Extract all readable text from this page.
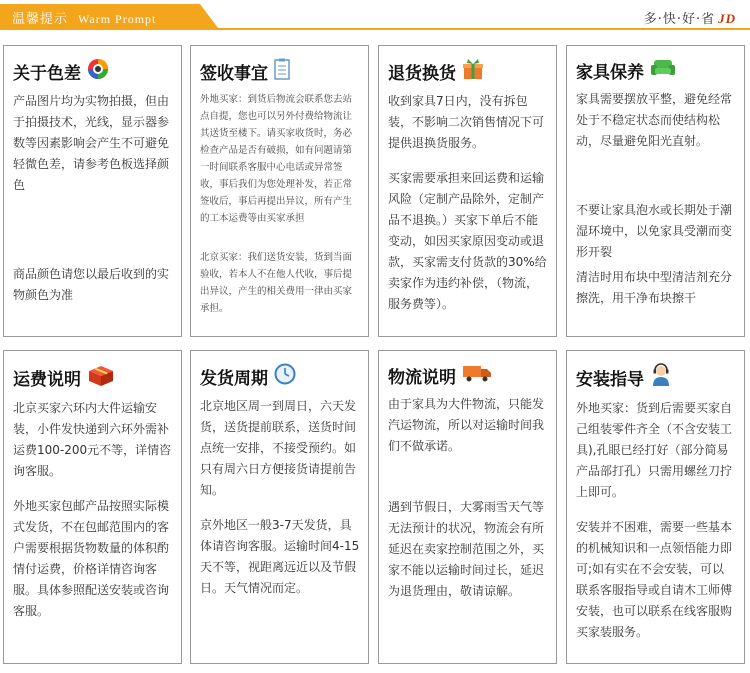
温馨提示 Warm Prompt	多·快·好·省 JD
关于色差

产品图片均为实物拍摄，但由于拍摄技术，光线，显示器参数等因素影响会产生不可避免轻微色差，请参考色板选择颜色

商品颜色请您以最后收到的实物颜色为准

签收事宜

外地买家：到货后物流会联系您去站点自提，您也可以另外付费给物流让其送货至楼下。请买家收货时，务必检查产品是否有破损，如有问题请第一时间联系客服中心电话或异常签收，事后我们为您处理补发，若正常签收后，事后再提出异议，所有产生的工本运费等由买家承担

北京买家：我们送货安装，货到当面验收，若本人不在他人代收，事后提出异议，产生的相关费用一律由买家承担。

退货换货

收到家具7日内，没有拆包装，不影响二次销售情况下可提供退换货服务。

买家需要承担来回运费和运输风险（定制产品除外，定制产品不退换。）买家下单后不能变动，如因买家原因变动或退款，买家需支付货款的30%给卖家作为违约补偿，（物流，服务费等）。

家具保养

家具需要摆放平整，避免经常处于不稳定状态而使结构松动，尽量避免阳光直射。

不要让家具泡水或长期处于潮湿环境中，以免家具受潮而变形开裂

清洁时用布块中型清洁剂充分擦洗，用干净布块擦干

运费说明

北京买家六环内大件运输安装，小件发快递到六环外需补运费100-200元不等，详情咨询客服。

外地买家包邮产品按照实际模式发货，不在包邮范围内的客户需要根据货物数量的体积酌情付运费，价格详情咨询客服。具体参照配送安装或咨询客服。

发货周期

北京地区周一到周日，六天发货，送货提前联系，送货时间点统一安排，不接受预约。如只有周六日方便接货请提前告知。

京外地区一般3-7天发货，具体请咨询客服。运输时间4-15天不等，视距离远近以及节假日。天气情况而定。

物流说明

由于家具为大件物流，只能发汽运物流，所以对运输时间我们不做承诺。

遇到节假日，大雾雨雪天气等无法预计的状况，物流会有所延迟在卖家控制范围之外，买家不能以运输时间过长，延迟为退货理由，敬请谅解。

安装指导

外地买家：货到后需要买家自己组装零件齐全（不含安装工具),孔眼已经打好（部分简易产品部打孔）只需用螺丝刀拧上即可。

安装并不困难，需要一些基本的机械知识和一点领悟能力即可;如有实在不会安装，可以联系客服指导或自请木工师傅安装，也可以联系在线客服购买家装服务。
